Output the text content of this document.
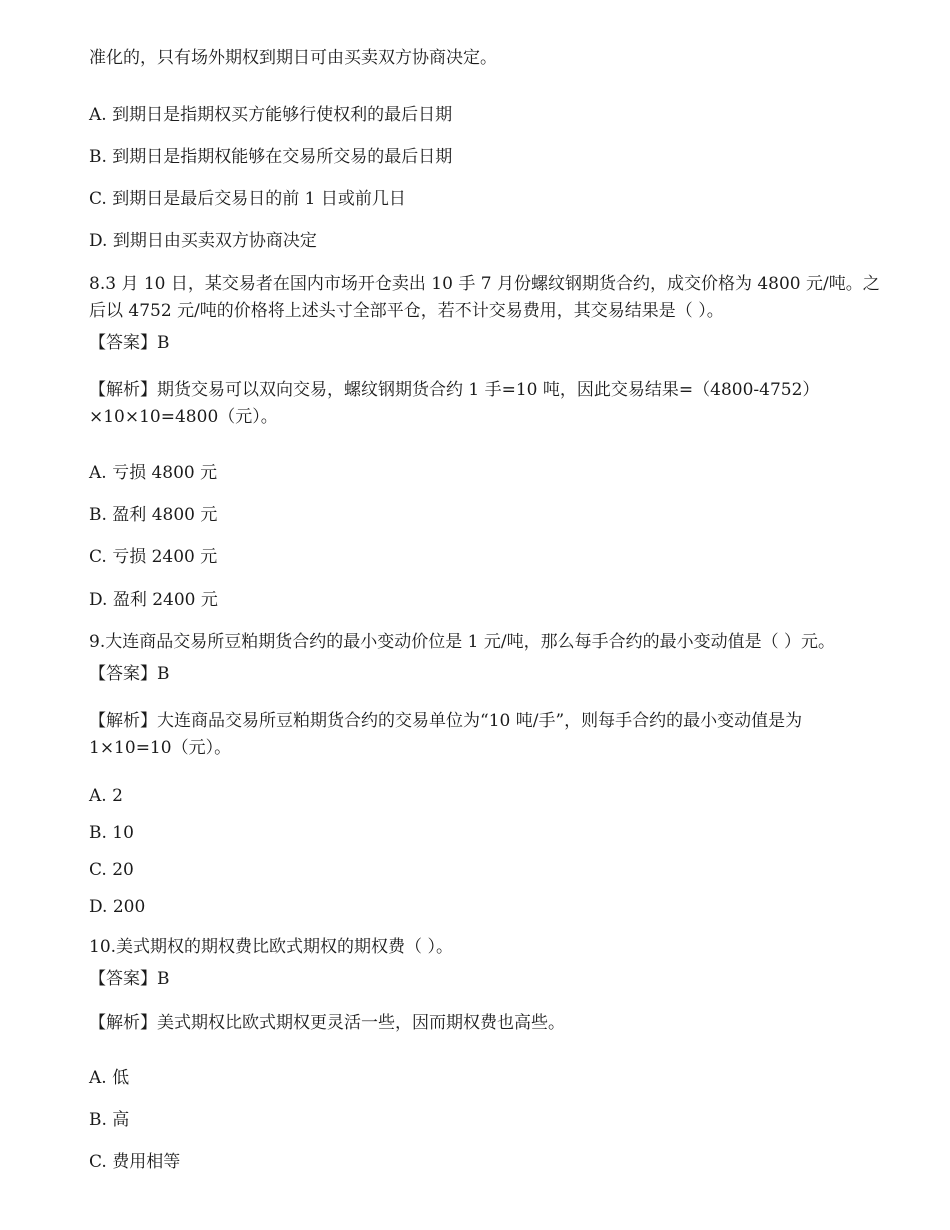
准化的，只有场外期权到期日可由买卖双方协商决定。
A. 到期日是指期权买方能够行使权利的最后日期
B. 到期日是指期权能够在交易所交易的最后日期
C. 到期日是最后交易日的前 1 日或前几日
D. 到期日由买卖双方协商决定
8.3 月 10 日，某交易者在国内市场开仓卖出 10 手 7 月份螺纹钢期货合约，成交价格为 4800 元/吨。之
后以 4752 元/吨的价格将上述头寸全部平仓，若不计交易费用，其交易结果是（ ）。
【答案】B
【解析】期货交易可以双向交易，螺纹钢期货合约 1 手=10 吨，因此交易结果=（4800-4752）
×10×10=4800（元）。
A. 亏损 4800 元
B. 盈利 4800 元
C. 亏损 2400 元
D. 盈利 2400 元
9.大连商品交易所豆粕期货合约的最小变动价位是 1 元/吨，那么每手合约的最小变动值是（ ）元。
【答案】B
【解析】大连商品交易所豆粕期货合约的交易单位为“10 吨/手”，则每手合约的最小变动值是为
1×10=10（元）。
A. 2
B. 10
C. 20
D. 200
10.美式期权的期权费比欧式期权的期权费（ ）。
【答案】B
【解析】美式期权比欧式期权更灵活一些，因而期权费也高些。
A. 低
B. 高
C. 费用相等
